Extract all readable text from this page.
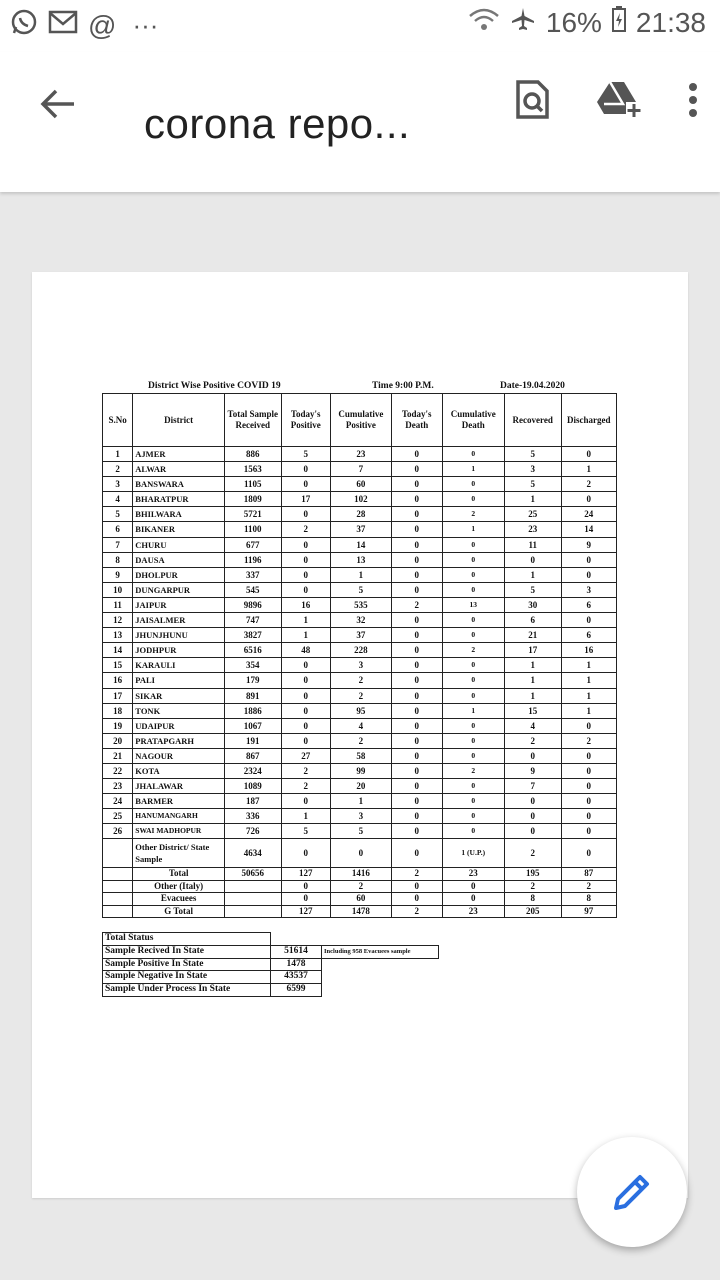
@ ···	16% 21:38
corona repo...
District Wise Positive COVID 19	Time 9:00 P.M.	Date-19.04.2020
S.No	District	Total Sample Received	Today's Positive	Cumulative Positive	Today's Death	Cumulative Death	Recovered	Discharged
1	AJMER	886	5	23	0	0	5	0
2	ALWAR	1563	0	7	0	1	3	1
3	BANSWARA	1105	0	60	0	0	5	2
4	BHARATPUR	1809	17	102	0	0	1	0
5	BHILWARA	5721	0	28	0	2	25	24
6	BIKANER	1100	2	37	0	1	23	14
7	CHURU	677	0	14	0	0	11	9
8	DAUSA	1196	0	13	0	0	0	0
9	DHOLPUR	337	0	1	0	0	1	0
10	DUNGARPUR	545	0	5	0	0	5	3
11	JAIPUR	9896	16	535	2	13	30	6
12	JAISALMER	747	1	32	0	0	6	0
13	JHUNJHUNU	3827	1	37	0	0	21	6
14	JODHPUR	6516	48	228	0	2	17	16
15	KARAULI	354	0	3	0	0	1	1
16	PALI	179	0	2	0	0	1	1
17	SIKAR	891	0	2	0	0	1	1
18	TONK	1886	0	95	0	1	15	1
19	UDAIPUR	1067	0	4	0	0	4	0
20	PRATAPGARH	191	0	2	0	0	2	2
21	NAGOUR	867	27	58	0	0	0	0
22	KOTA	2324	2	99	0	2	9	0
23	JHALAWAR	1089	2	20	0	0	7	0
24	BARMER	187	0	1	0	0	0	0
25	HANUMANGARH	336	1	3	0	0	0	0
26	SWAI MADHOPUR	726	5	5	0	0	0	0
	Other District/ State Sample	4634	0	0	0	1 (U.P.)	2	0
	Total	50656	127	1416	2	23	195	87
	Other (Italy)		0	2	0	0	2	2
	Evacuees		0	60	0	0	8	8
	G Total		127	1478	2	23	205	97
Total Status		
Sample Recived In State	51614	Including 958 Evacuees sample
Sample Positive In State	1478	
Sample Negative In State	43537	
Sample Under Process In State	6599	
